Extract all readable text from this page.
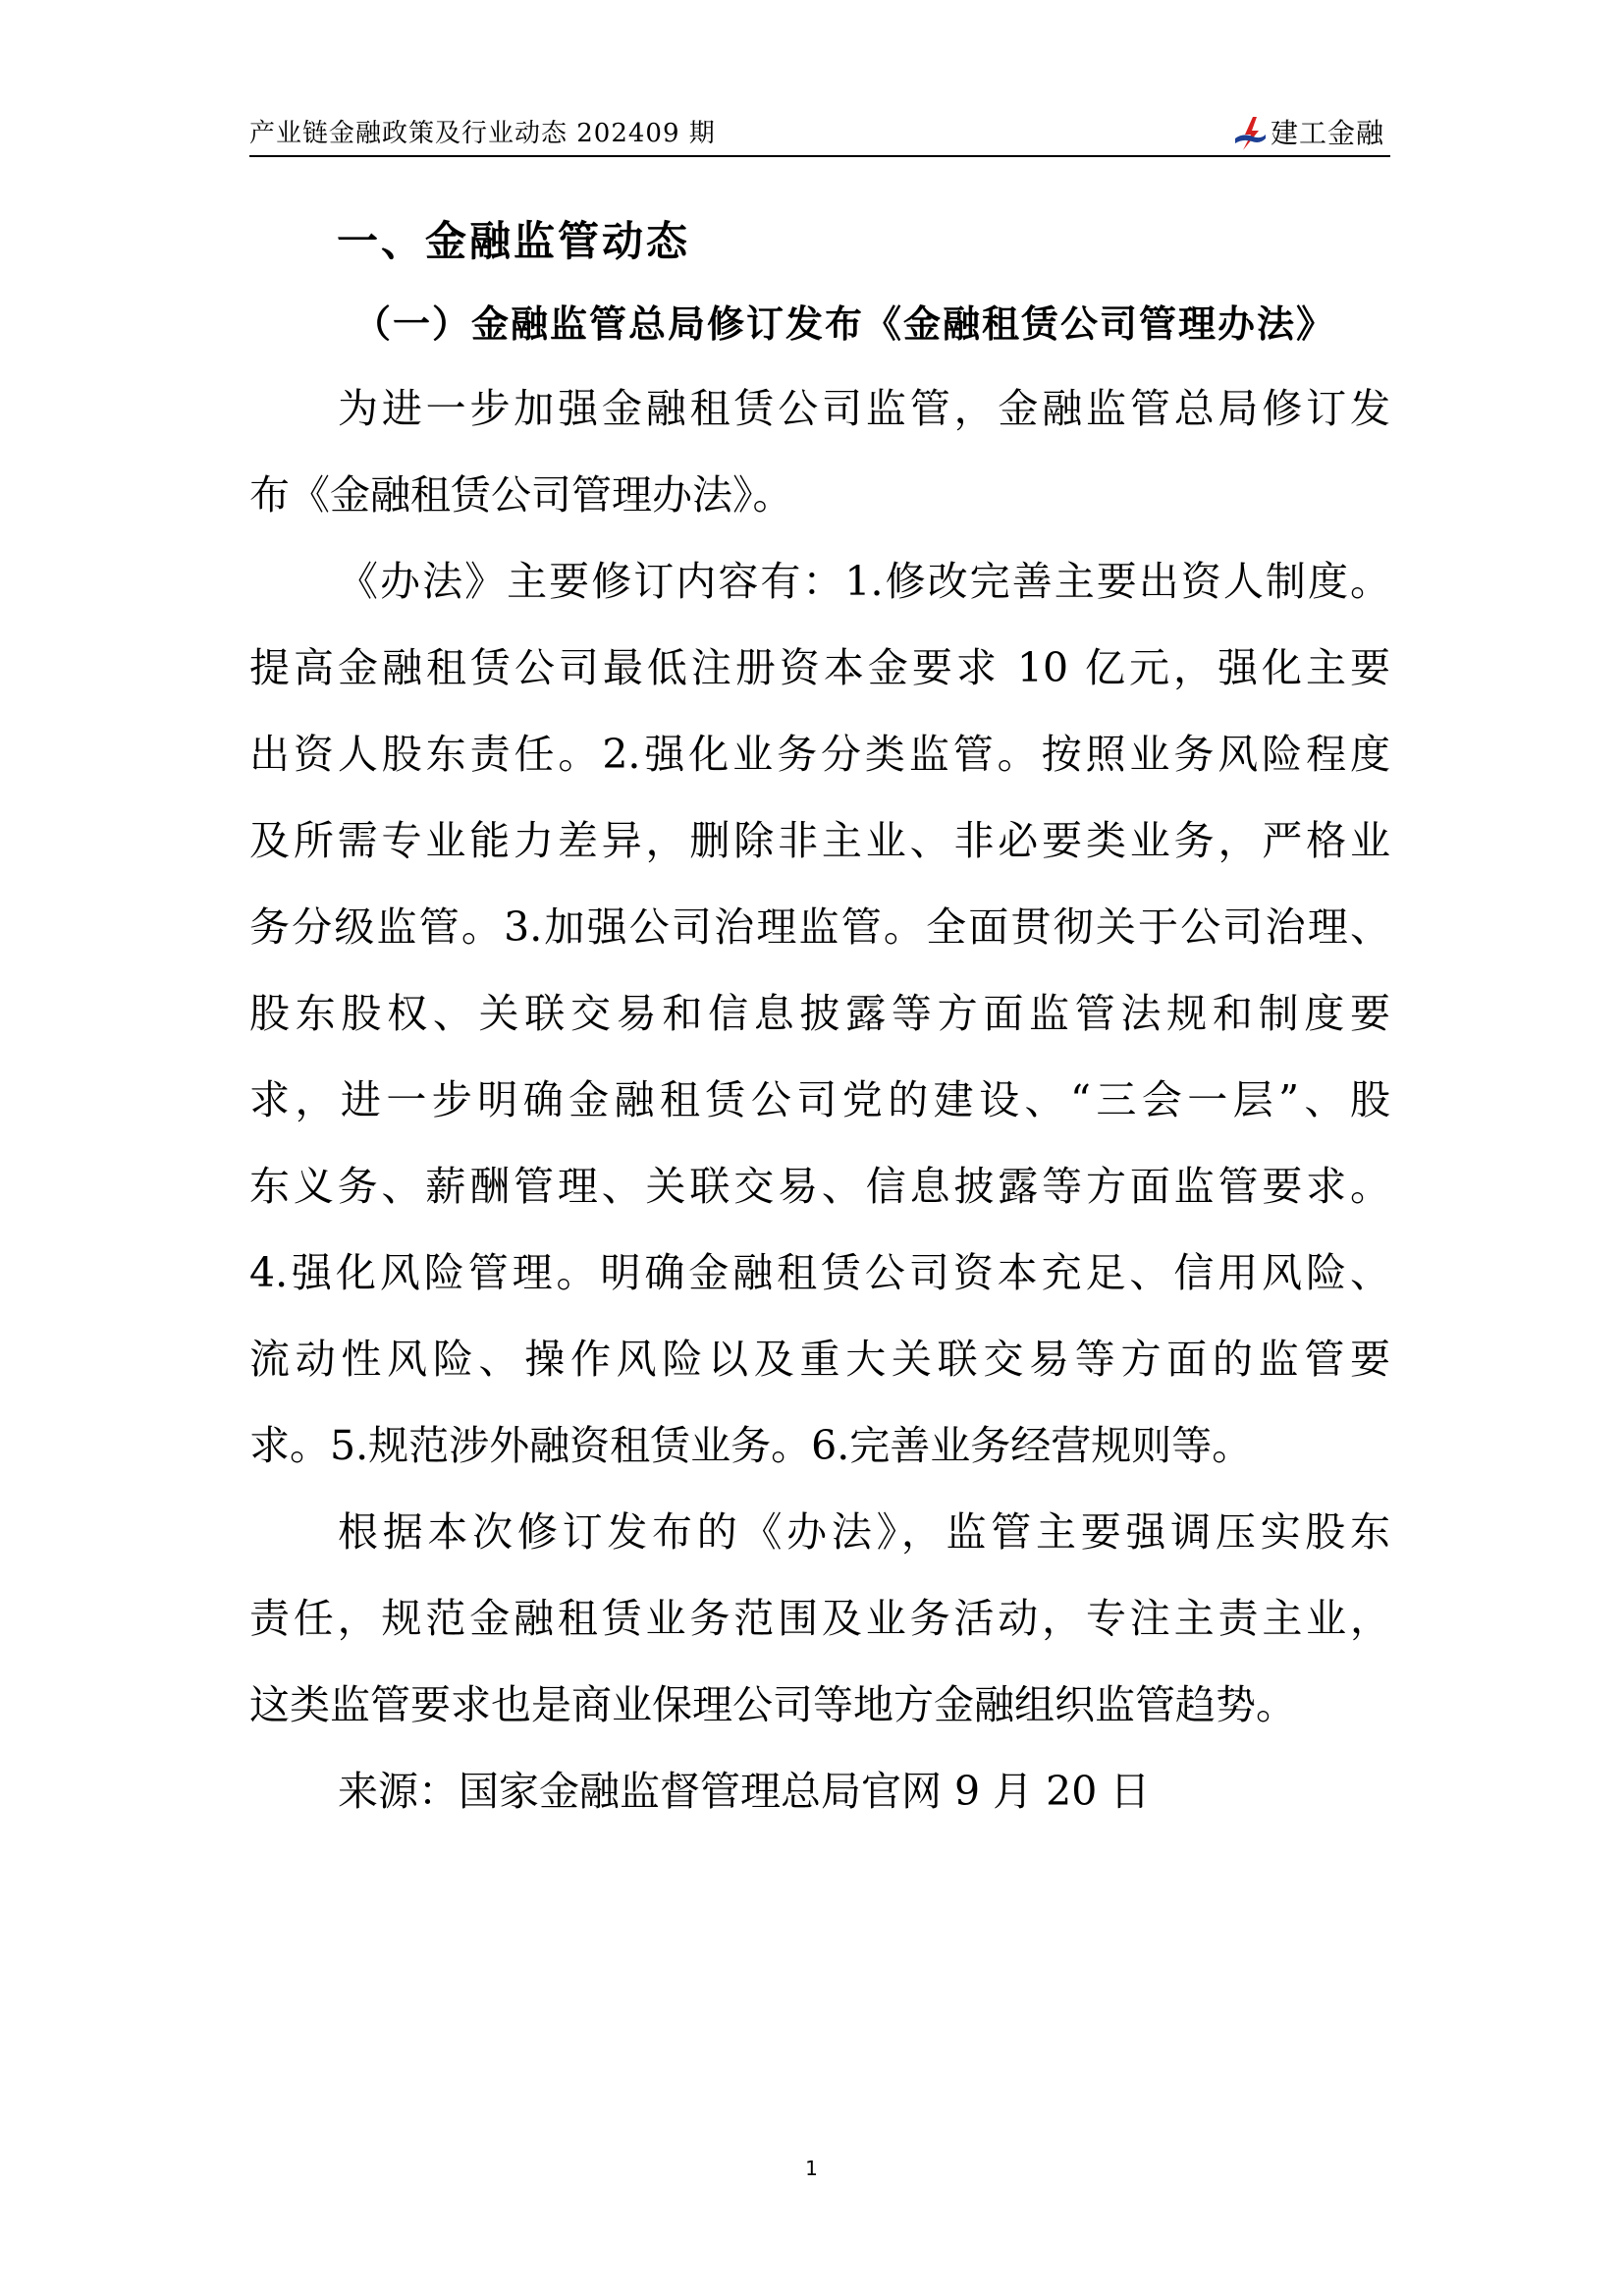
产业链金融政策及行业动态 202409 期	建工金融
一、金融监管动态
（一）金融监管总局修订发布《金融租赁公司管理办法》
为进一步加强金融租赁公司监管，金融监管总局修订发
布《金融租赁公司管理办法》。
《办法》主要修订内容有：1.修改完善主要出资人制度。
提高金融租赁公司最低注册资本金要求 10 亿元，强化主要
出资人股东责任。2.强化业务分类监管。按照业务风险程度
及所需专业能力差异，删除非主业、非必要类业务，严格业
务分级监管。3.加强公司治理监管。全面贯彻关于公司治理、
股东股权、关联交易和信息披露等方面监管法规和制度要
求，进一步明确金融租赁公司党的建设、“三会一层”、股
东义务、薪酬管理、关联交易、信息披露等方面监管要求。
4.强化风险管理。明确金融租赁公司资本充足、信用风险、
流动性风险、操作风险以及重大关联交易等方面的监管要
求。5.规范涉外融资租赁业务。6.完善业务经营规则等。
根据本次修订发布的《办法》，监管主要强调压实股东
责任，规范金融租赁业务范围及业务活动，专注主责主业，
这类监管要求也是商业保理公司等地方金融组织监管趋势。
来源：国家金融监督管理总局官网 9 月 20 日
1
